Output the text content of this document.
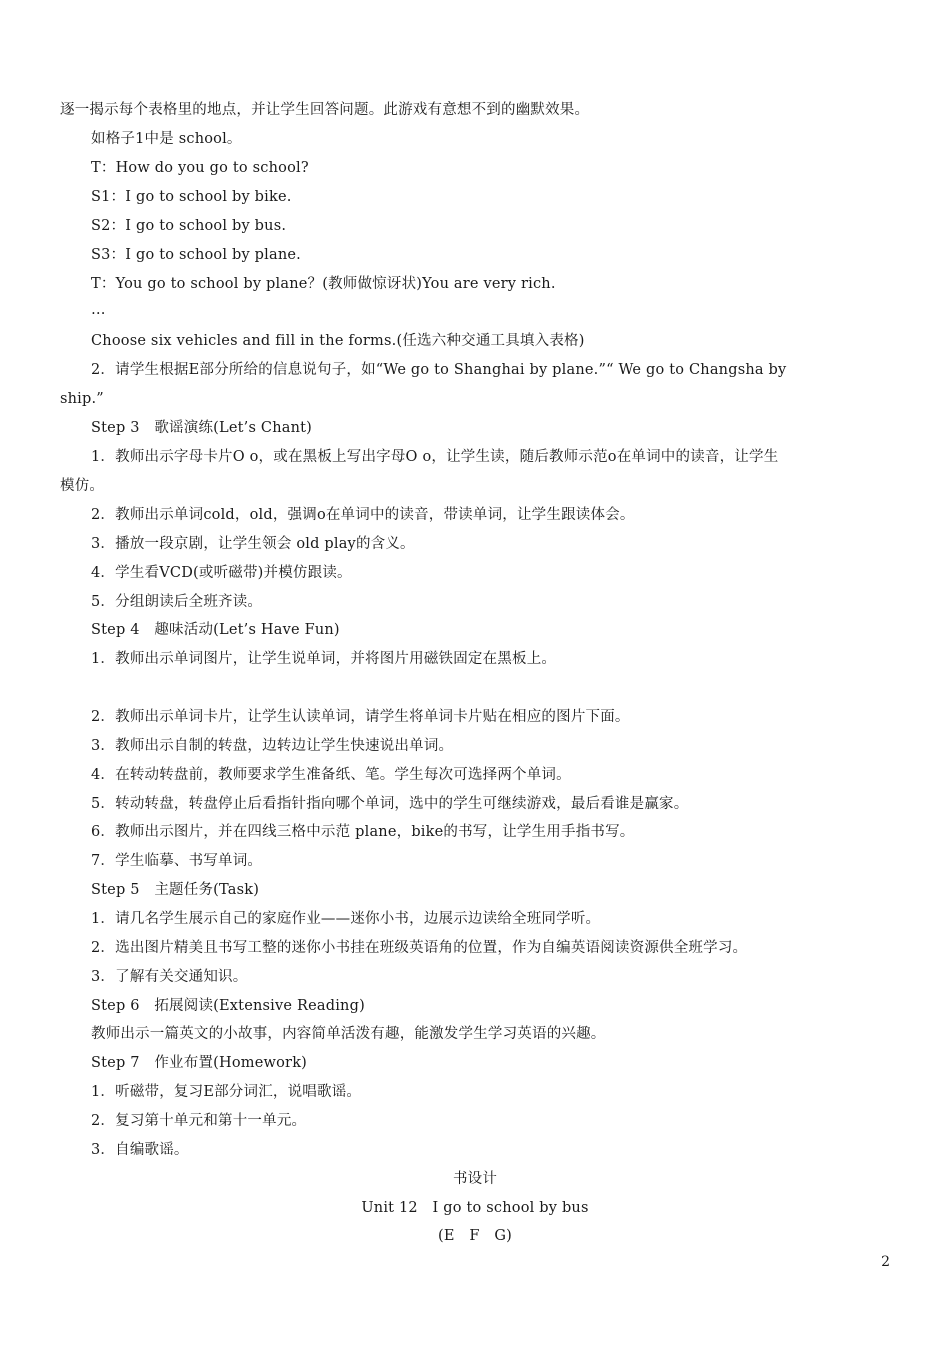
逐一揭示每个表格里的地点，并让学生回答问题。此游戏有意想不到的幽默效果。
如格子1中是 school。
T：How do you go to school?
S1：I go to school by bike.
S2：I go to school by bus.
S3：I go to school by plane.
T：You go to school by plane？(教师做惊讶状)You are very rich.
…
Choose six vehicles and fill in the forms.(任选六种交通工具填入表格)
2．请学生根据E部分所给的信息说句子，如“We go to Shanghai by plane.”“ We go to Changsha by
ship.”
Step 3　歌谣演练(Let’s Chant)
1．教师出示字母卡片O o，或在黑板上写出字母O o，让学生读，随后教师示范o在单词中的读音，让学生
模仿。
2．教师出示单词cold，old，强调o在单词中的读音，带读单词，让学生跟读体会。
3．播放一段京剧，让学生领会 old play的含义。
4．学生看VCD(或听磁带)并模仿跟读。
5．分组朗读后全班齐读。
Step 4　趣味活动(Let’s Have Fun)
1．教师出示单词图片，让学生说单词，并将图片用磁铁固定在黑板上。
2．教师出示单词卡片，让学生认读单词，请学生将单词卡片贴在相应的图片下面。
3．教师出示自制的转盘，边转边让学生快速说出单词。
4．在转动转盘前，教师要求学生准备纸、笔。学生每次可选择两个单词。
5．转动转盘，转盘停止后看指针指向哪个单词，选中的学生可继续游戏，最后看谁是赢家。
6．教师出示图片，并在四线三格中示范 plane，bike的书写，让学生用手指书写。
7．学生临摹、书写单词。
Step 5　主题任务(Task)
1．请几名学生展示自己的家庭作业——迷你小书，边展示边读给全班同学听。
2．选出图片精美且书写工整的迷你小书挂在班级英语角的位置，作为自编英语阅读资源供全班学习。
3．了解有关交通知识。
Step 6　拓展阅读(Extensive Reading)
教师出示一篇英文的小故事，内容简单活泼有趣，能激发学生学习英语的兴趣。
Step 7　作业布置(Homework)
1．听磁带，复习E部分词汇，说唱歌谣。
2．复习第十单元和第十一单元。
3．自编歌谣。
书设计
Unit 12　I go to school by bus
(E　F　G)
2
